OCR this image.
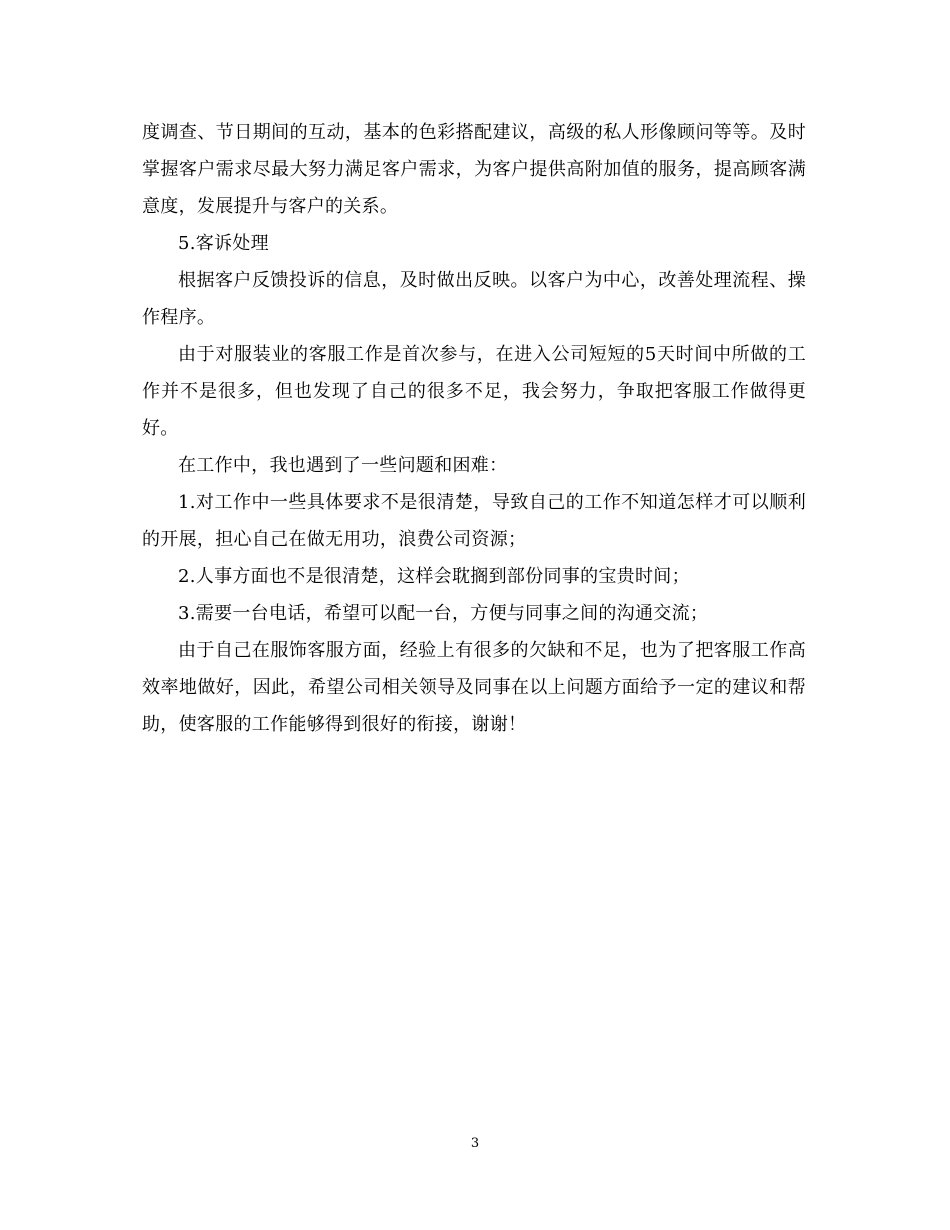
度调查、节日期间的互动，基本的色彩搭配建议，高级的私人形像顾问等等。及时掌握客户需求尽最大努力满足客户需求，为客户提供高附加值的服务，提高顾客满意度，发展提升与客户的关系。

5.客诉处理

根据客户反馈投诉的信息，及时做出反映。以客户为中心，改善处理流程、操作程序。

由于对服装业的客服工作是首次参与，在进入公司短短的5天时间中所做的工作并不是很多，但也发现了自己的很多不足，我会努力，争取把客服工作做得更好。

在工作中，我也遇到了一些问题和困难：

1.对工作中一些具体要求不是很清楚，导致自己的工作不知道怎样才可以顺利的开展，担心自己在做无用功，浪费公司资源；

2.人事方面也不是很清楚，这样会耽搁到部份同事的宝贵时间；

3.需要一台电话，希望可以配一台，方便与同事之间的沟通交流；

由于自己在服饰客服方面，经验上有很多的欠缺和不足，也为了把客服工作高效率地做好，因此，希望公司相关领导及同事在以上问题方面给予一定的建议和帮助，使客服的工作能够得到很好的衔接，谢谢！

3
